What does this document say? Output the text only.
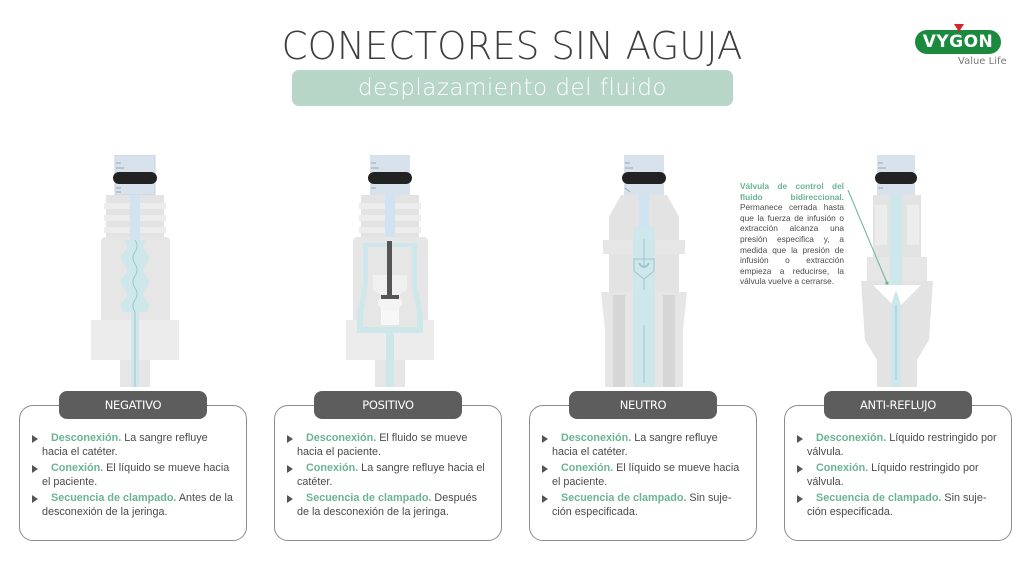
CONECTORES SIN AGUJA
desplazamiento del fluido
VYGON
Value Life
Válvula de control del fluido bidireccional. Permanece cerrada hasta que la fuerza de infusión o extracción alcanza una presión especifica y, a medida que la presión de infusión o extracción empieza a reducirse, la válvula vuelve a cerrarse.
Desconexión. La sangre refluye hacia el catéter.
Conexión. El líquido se mueve hacia el paciente.
Secuencia de clampado. Antes de la desconexión de la jeringa.
NEGATIVO
Desconexión. El fluido se mueve hacia el paciente.
Conexión. La sangre refluye hacia el catéter.
Secuencia de clampado. Después de la desconexión de la jeringa.
POSITIVO
Desconexión. La sangre refluye hacia el catéter.
Conexión. El líquido se mueve hacia el paciente.
Secuencia de clampado. Sin suje-ción especificada.
NEUTRO
Desconexión. Líquido restringido por válvula.
Conexión. Líquido restringido por válvula.
Secuencia de clampado. Sin suje-ción especificada.
ANTI-REFLUJO
